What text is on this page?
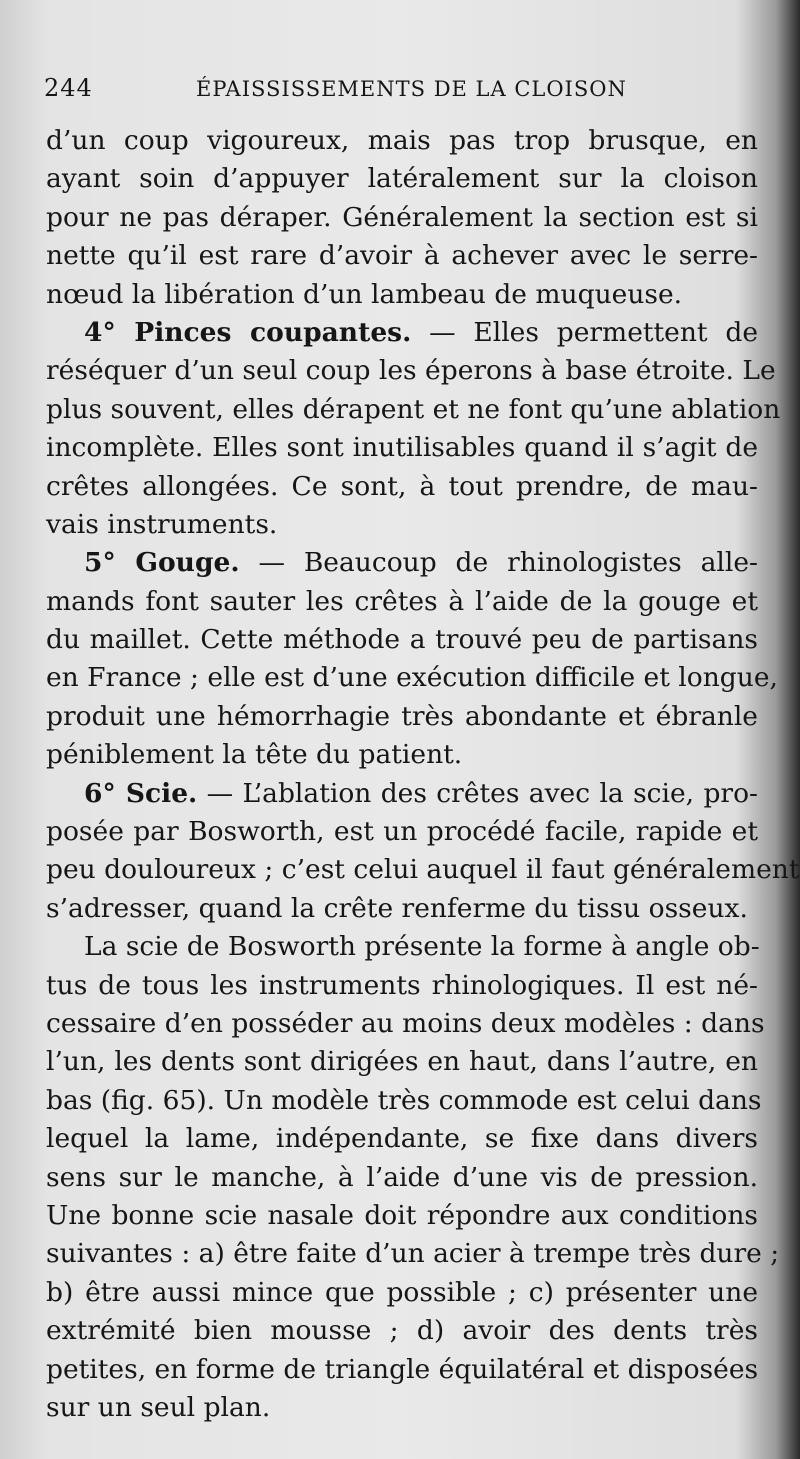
244	ÉPAISSISSEMENTS DE LA CLOISON
d’un coup vigoureux, mais pas trop brusque, en
ayant soin d’appuyer latéralement sur la cloison
pour ne pas déraper. Généralement la section est si
nette qu’il est rare d’avoir à achever avec le serre-
nœud la libération d’un lambeau de muqueuse.
4° Pinces coupantes. — Elles permettent de
réséquer d’un seul coup les éperons à base étroite. Le
plus souvent, elles dérapent et ne font qu’une ablation
incomplète. Elles sont inutilisables quand il s’agit de
crêtes allongées. Ce sont, à tout prendre, de mau-
vais instruments.
5° Gouge. — Beaucoup de rhinologistes alle-
mands font sauter les crêtes à l’aide de la gouge et
du maillet. Cette méthode a trouvé peu de partisans
en France ; elle est d’une exécution difficile et longue,
produit une hémorrhagie très abondante et ébranle
péniblement la tête du patient.
6° Scie. — L’ablation des crêtes avec la scie, pro-
posée par Bosworth, est un procédé facile, rapide et
peu douloureux ; c’est celui auquel il faut généralement
s’adresser, quand la crête renferme du tissu osseux.
La scie de Bosworth présente la forme à angle ob-
tus de tous les instruments rhinologiques. Il est né-
cessaire d’en posséder au moins deux modèles : dans
l’un, les dents sont dirigées en haut, dans l’autre, en
bas (fig. 65). Un modèle très commode est celui dans
lequel la lame, indépendante, se fixe dans divers
sens sur le manche, à l’aide d’une vis de pression.
Une bonne scie nasale doit répondre aux conditions
suivantes : a) être faite d’un acier à trempe très dure ;
b) être aussi mince que possible ; c) présenter une
extrémité bien mousse ; d) avoir des dents très
petites, en forme de triangle équilatéral et disposées
sur un seul plan.
